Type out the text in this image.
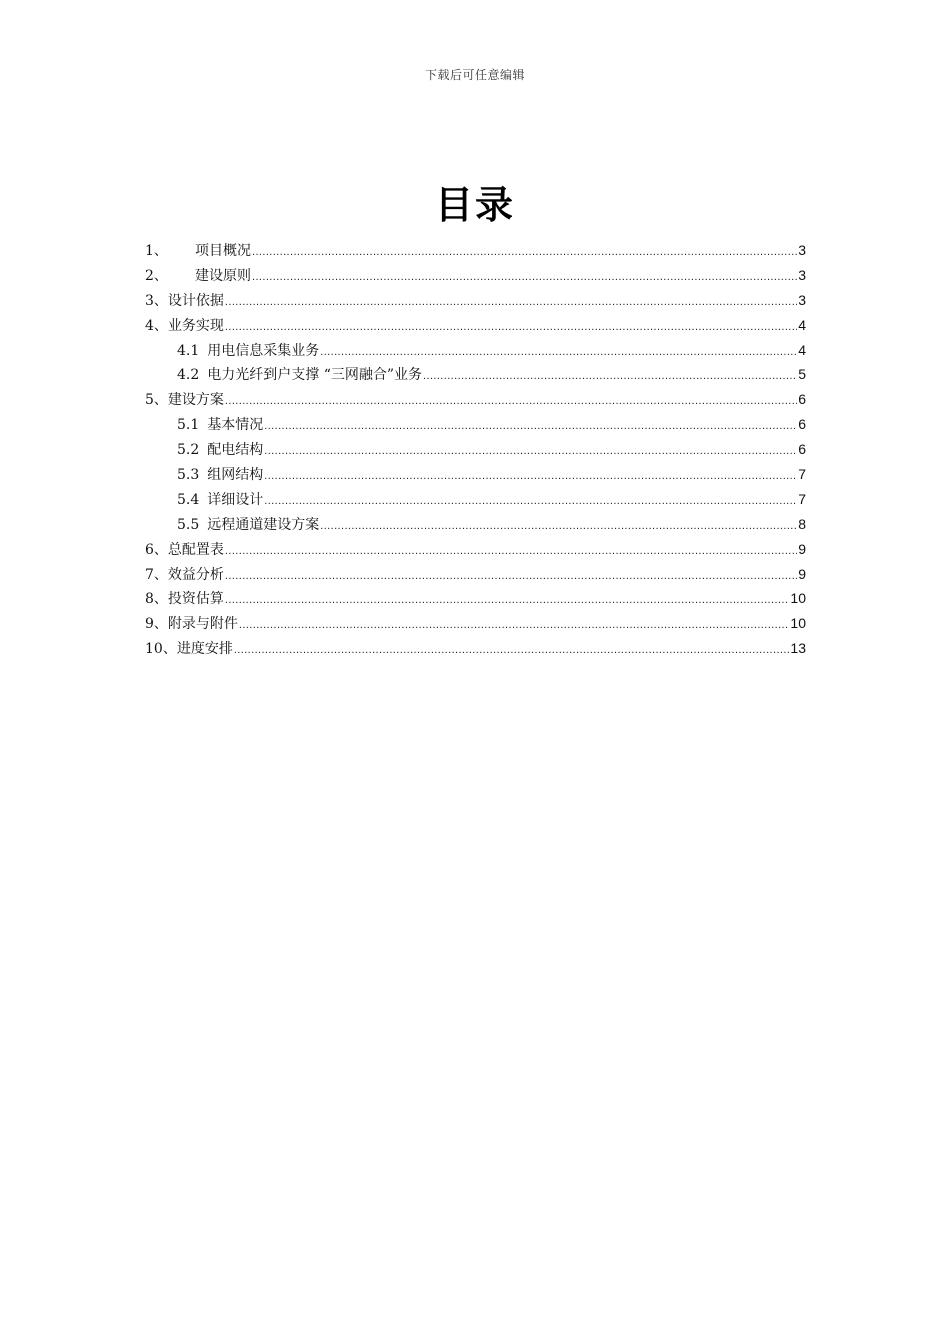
下载后可任意编辑
目录
1、	项目概况 .....	3
2、	建设原则 .....	3
3、 设计依据 .....	3
4、 业务实现 .....	4
4.1 用电信息采集业务 .....	4
4.2 电力光纤到户支撑 “三网融合”业务 .....	5
5、 建设方案 .....	6
5.1 基本情况 .....	6
5.2 配电结构 .....	6
5.3 组网结构 .....	7
5.4 详细设计 .....	7
5.5 远程通道建设方案 .....	8
6、 总配置表 .....	9
7、 效益分析 .....	9
8、 投资估算 .....	10
9、 附录与附件 .....	10
10、 进度安排 .....	13
